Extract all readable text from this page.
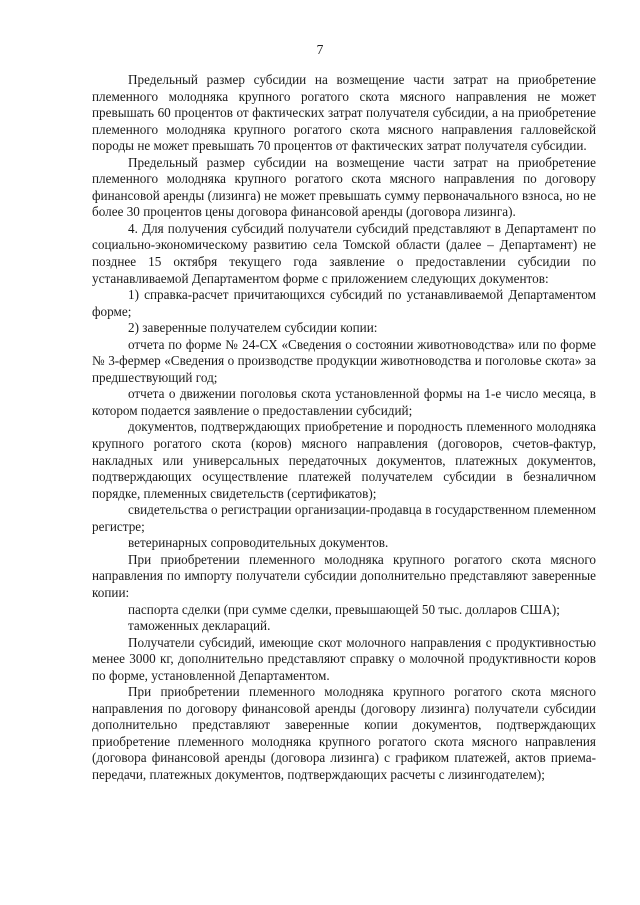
7

Предельный размер субсидии на возмещение части затрат на приобретение племенного молодняка крупного рогатого скота мясного направления не может превышать 60 процентов от фактических затрат получателя субсидии, а на приобретение племенного молодняка крупного рогатого скота мясного направления галловейской породы не может превышать 70 процентов от фактических затрат получателя субсидии.

Предельный размер субсидии на возмещение части затрат на приобретение племенного молодняка крупного рогатого скота мясного направления по договору финансовой аренды (лизинга) не может превышать сумму первоначального взноса, но не более 30 процентов цены договора финансовой аренды (договора лизинга).

4. Для получения субсидий получатели субсидий представляют в Департамент по социально-экономическому развитию села Томской области (далее – Департамент) не позднее 15 октября текущего года заявление о предоставлении субсидии по устанавливаемой Департаментом форме с приложением следующих документов:

1) справка-расчет причитающихся субсидий по устанавливаемой Департаментом форме;

2) заверенные получателем субсидии копии:

отчета по форме № 24-СХ «Сведения о состоянии животноводства» или по форме № 3-фермер «Сведения о производстве продукции животноводства и поголовье скота» за предшествующий год;

отчета о движении поголовья скота установленной формы на 1-е число месяца, в котором подается заявление о предоставлении субсидий;

документов, подтверждающих приобретение и породность племенного молодняка крупного рогатого скота (коров) мясного направления (договоров, счетов-фактур, накладных или универсальных передаточных документов, платежных документов, подтверждающих осуществление платежей получателем субсидии в безналичном порядке, племенных свидетельств (сертификатов);

свидетельства о регистрации организации-продавца в государственном племенном регистре;

ветеринарных сопроводительных документов.

При приобретении племенного молодняка крупного рогатого скота мясного направления по импорту получатели субсидии дополнительно представляют заверенные копии:

паспорта сделки (при сумме сделки, превышающей 50 тыс. долларов США);

таможенных деклараций.

Получатели субсидий, имеющие скот молочного направления с продуктивностью менее 3000 кг, дополнительно представляют справку о молочной продуктивности коров по форме, установленной Департаментом.

При приобретении племенного молодняка крупного рогатого скота мясного направления по договору финансовой аренды (договору лизинга) получатели субсидии дополнительно представляют заверенные копии документов, подтверждающих приобретение племенного молодняка крупного рогатого скота мясного направления (договора финансовой аренды (договора лизинга) с графиком платежей, актов приема-передачи, платежных документов, подтверждающих расчеты с лизингодателем);
